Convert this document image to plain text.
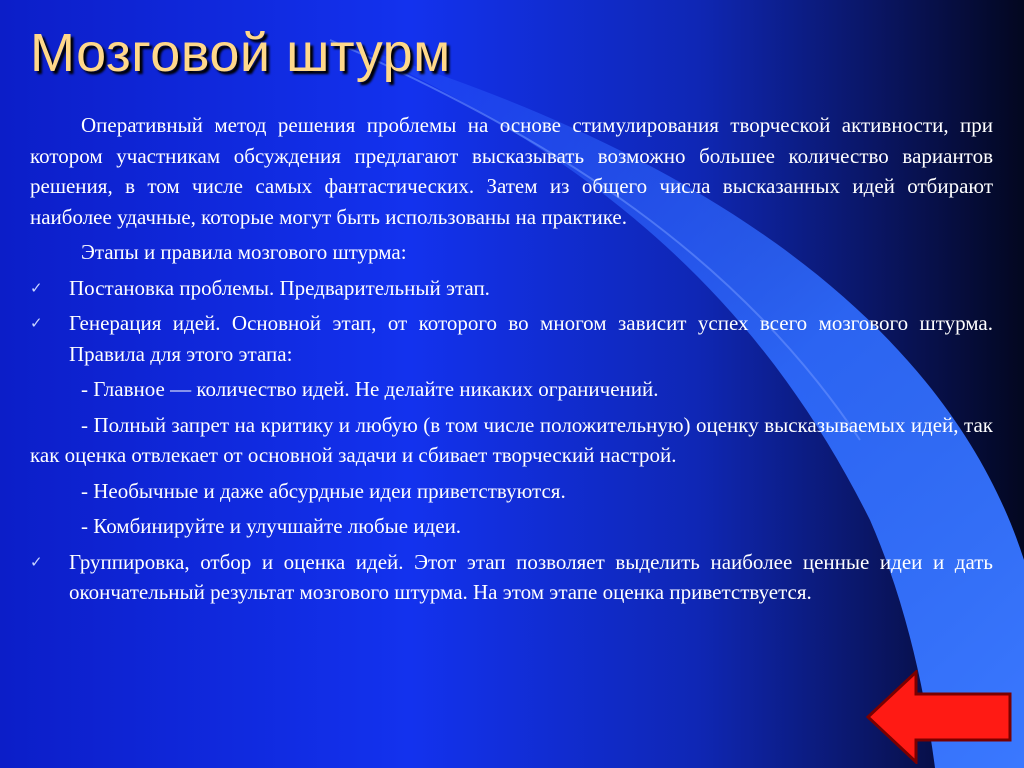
Мозговой штурм
Оперативный метод решения проблемы на основе стимулирования творческой активности, при котором участникам обсуждения предлагают высказывать возможно большее количество вариантов решения, в том числе самых фантастических. Затем из общего числа высказанных идей отбирают наиболее удачные, которые могут быть использованы на практике.
Этапы и правила мозгового штурма:
✓	Постановка проблемы. Предварительный этап.
✓	Генерация идей. Основной этап, от которого во многом зависит успех всего мозгового штурма. Правила для этого этапа:
- Главное — количество идей. Не делайте никаких ограничений.
- Полный запрет на критику и любую (в том числе положительную) оценку высказываемых идей, так как оценка отвлекает от основной задачи и сбивает творческий настрой.
- Необычные и даже абсурдные идеи приветствуются.
- Комбинируйте и улучшайте любые идеи.
✓	Группировка, отбор и оценка идей. Этот этап позволяет выделить наиболее ценные идеи и дать окончательный результат мозгового штурма. На этом этапе оценка приветствуется.
